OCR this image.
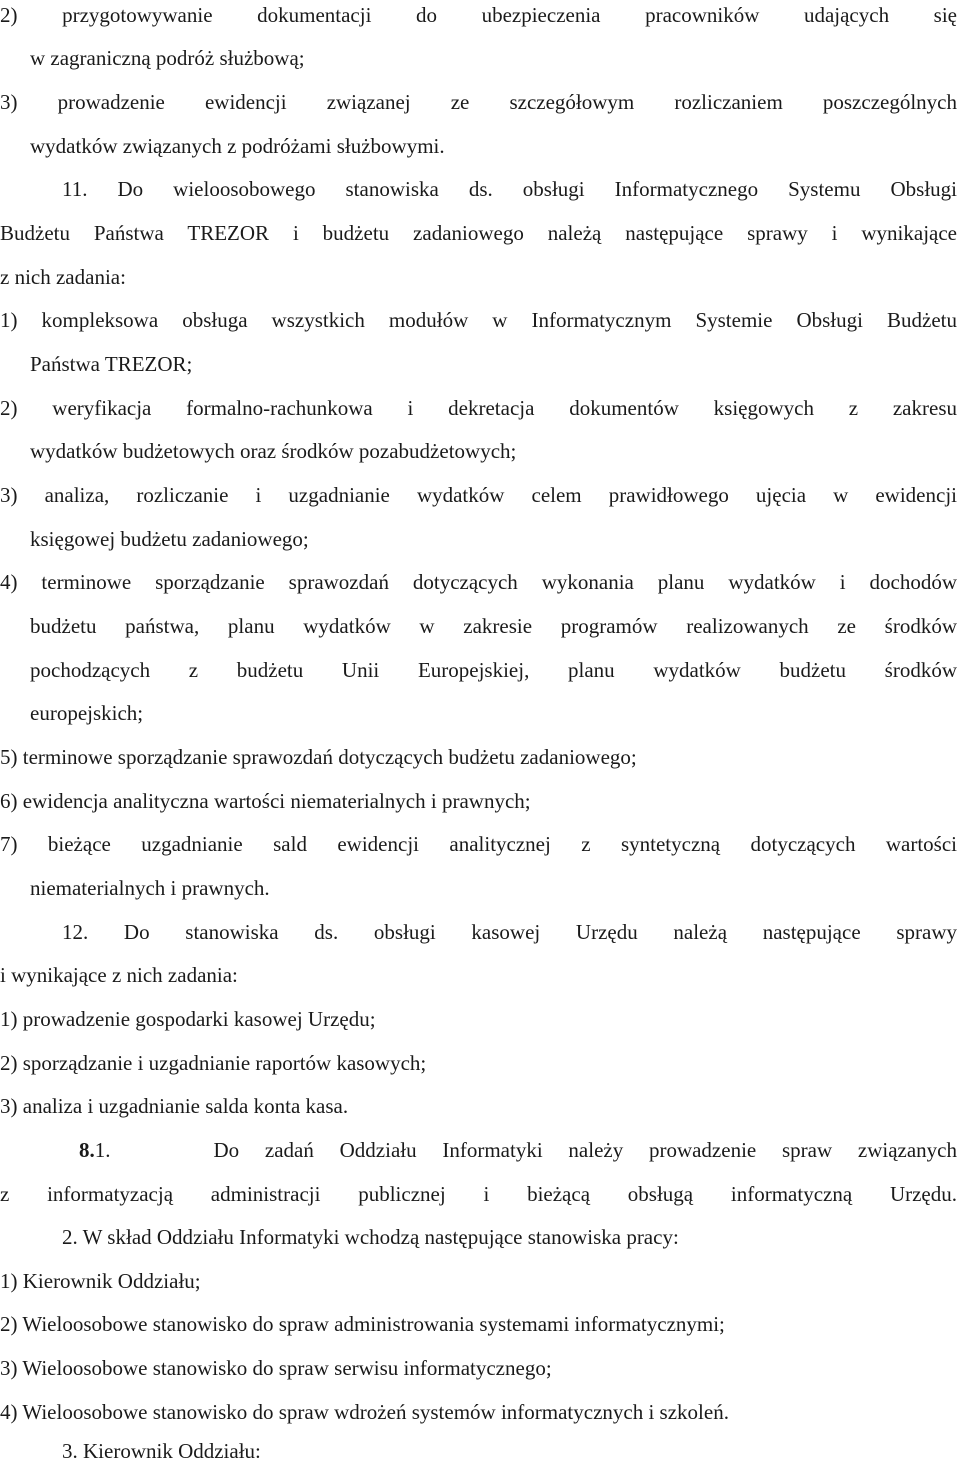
2) przygotowywanie dokumentacji do ubezpieczenia pracowników udających się
w zagraniczną podróż służbową;
3) prowadzenie ewidencji związanej ze szczegółowym rozliczaniem poszczególnych
wydatków związanych z podróżami służbowymi.
11. Do wieloosobowego stanowiska ds. obsługi Informatycznego Systemu Obsługi
Budżetu Państwa TREZOR i budżetu zadaniowego należą następujące sprawy i wynikające
z nich zadania:
1) kompleksowa obsługa wszystkich modułów w Informatycznym Systemie Obsługi Budżetu
Państwa TREZOR;
2) weryfikacja formalno-rachunkowa i dekretacja dokumentów księgowych z zakresu
wydatków budżetowych oraz środków pozabudżetowych;
3) analiza, rozliczanie i uzgadnianie wydatków celem prawidłowego ujęcia w ewidencji
księgowej budżetu zadaniowego;
4) terminowe sporządzanie sprawozdań dotyczących wykonania planu wydatków i dochodów
budżetu państwa, planu wydatków w zakresie programów realizowanych ze środków
pochodzących z budżetu Unii Europejskiej, planu wydatków budżetu środków
europejskich;
5) terminowe sporządzanie sprawozdań dotyczących budżetu zadaniowego;
6) ewidencja analityczna wartości niematerialnych i prawnych;
7) bieżące uzgadnianie sald ewidencji analitycznej z syntetyczną dotyczących wartości
niematerialnych i prawnych.
12. Do stanowiska ds. obsługi kasowej Urzędu należą następujące sprawy
i wynikające z nich zadania:
1) prowadzenie gospodarki kasowej Urzędu;
2) sporządzanie i uzgadnianie raportów kasowych;
3) analiza i uzgadnianie salda konta kasa.
8.1.	Do zadań Oddziału Informatyki należy prowadzenie spraw związanych
z informatyzacją administracji publicznej i bieżącą obsługą informatyczną Urzędu.
2. W skład Oddziału Informatyki wchodzą następujące stanowiska pracy:
1) Kierownik Oddziału;
2) Wieloosobowe stanowisko do spraw administrowania systemami informatycznymi;
3) Wieloosobowe stanowisko do spraw serwisu informatycznego;
4) Wieloosobowe stanowisko do spraw wdrożeń systemów informatycznych i szkoleń.
3. Kierownik Oddziału:
